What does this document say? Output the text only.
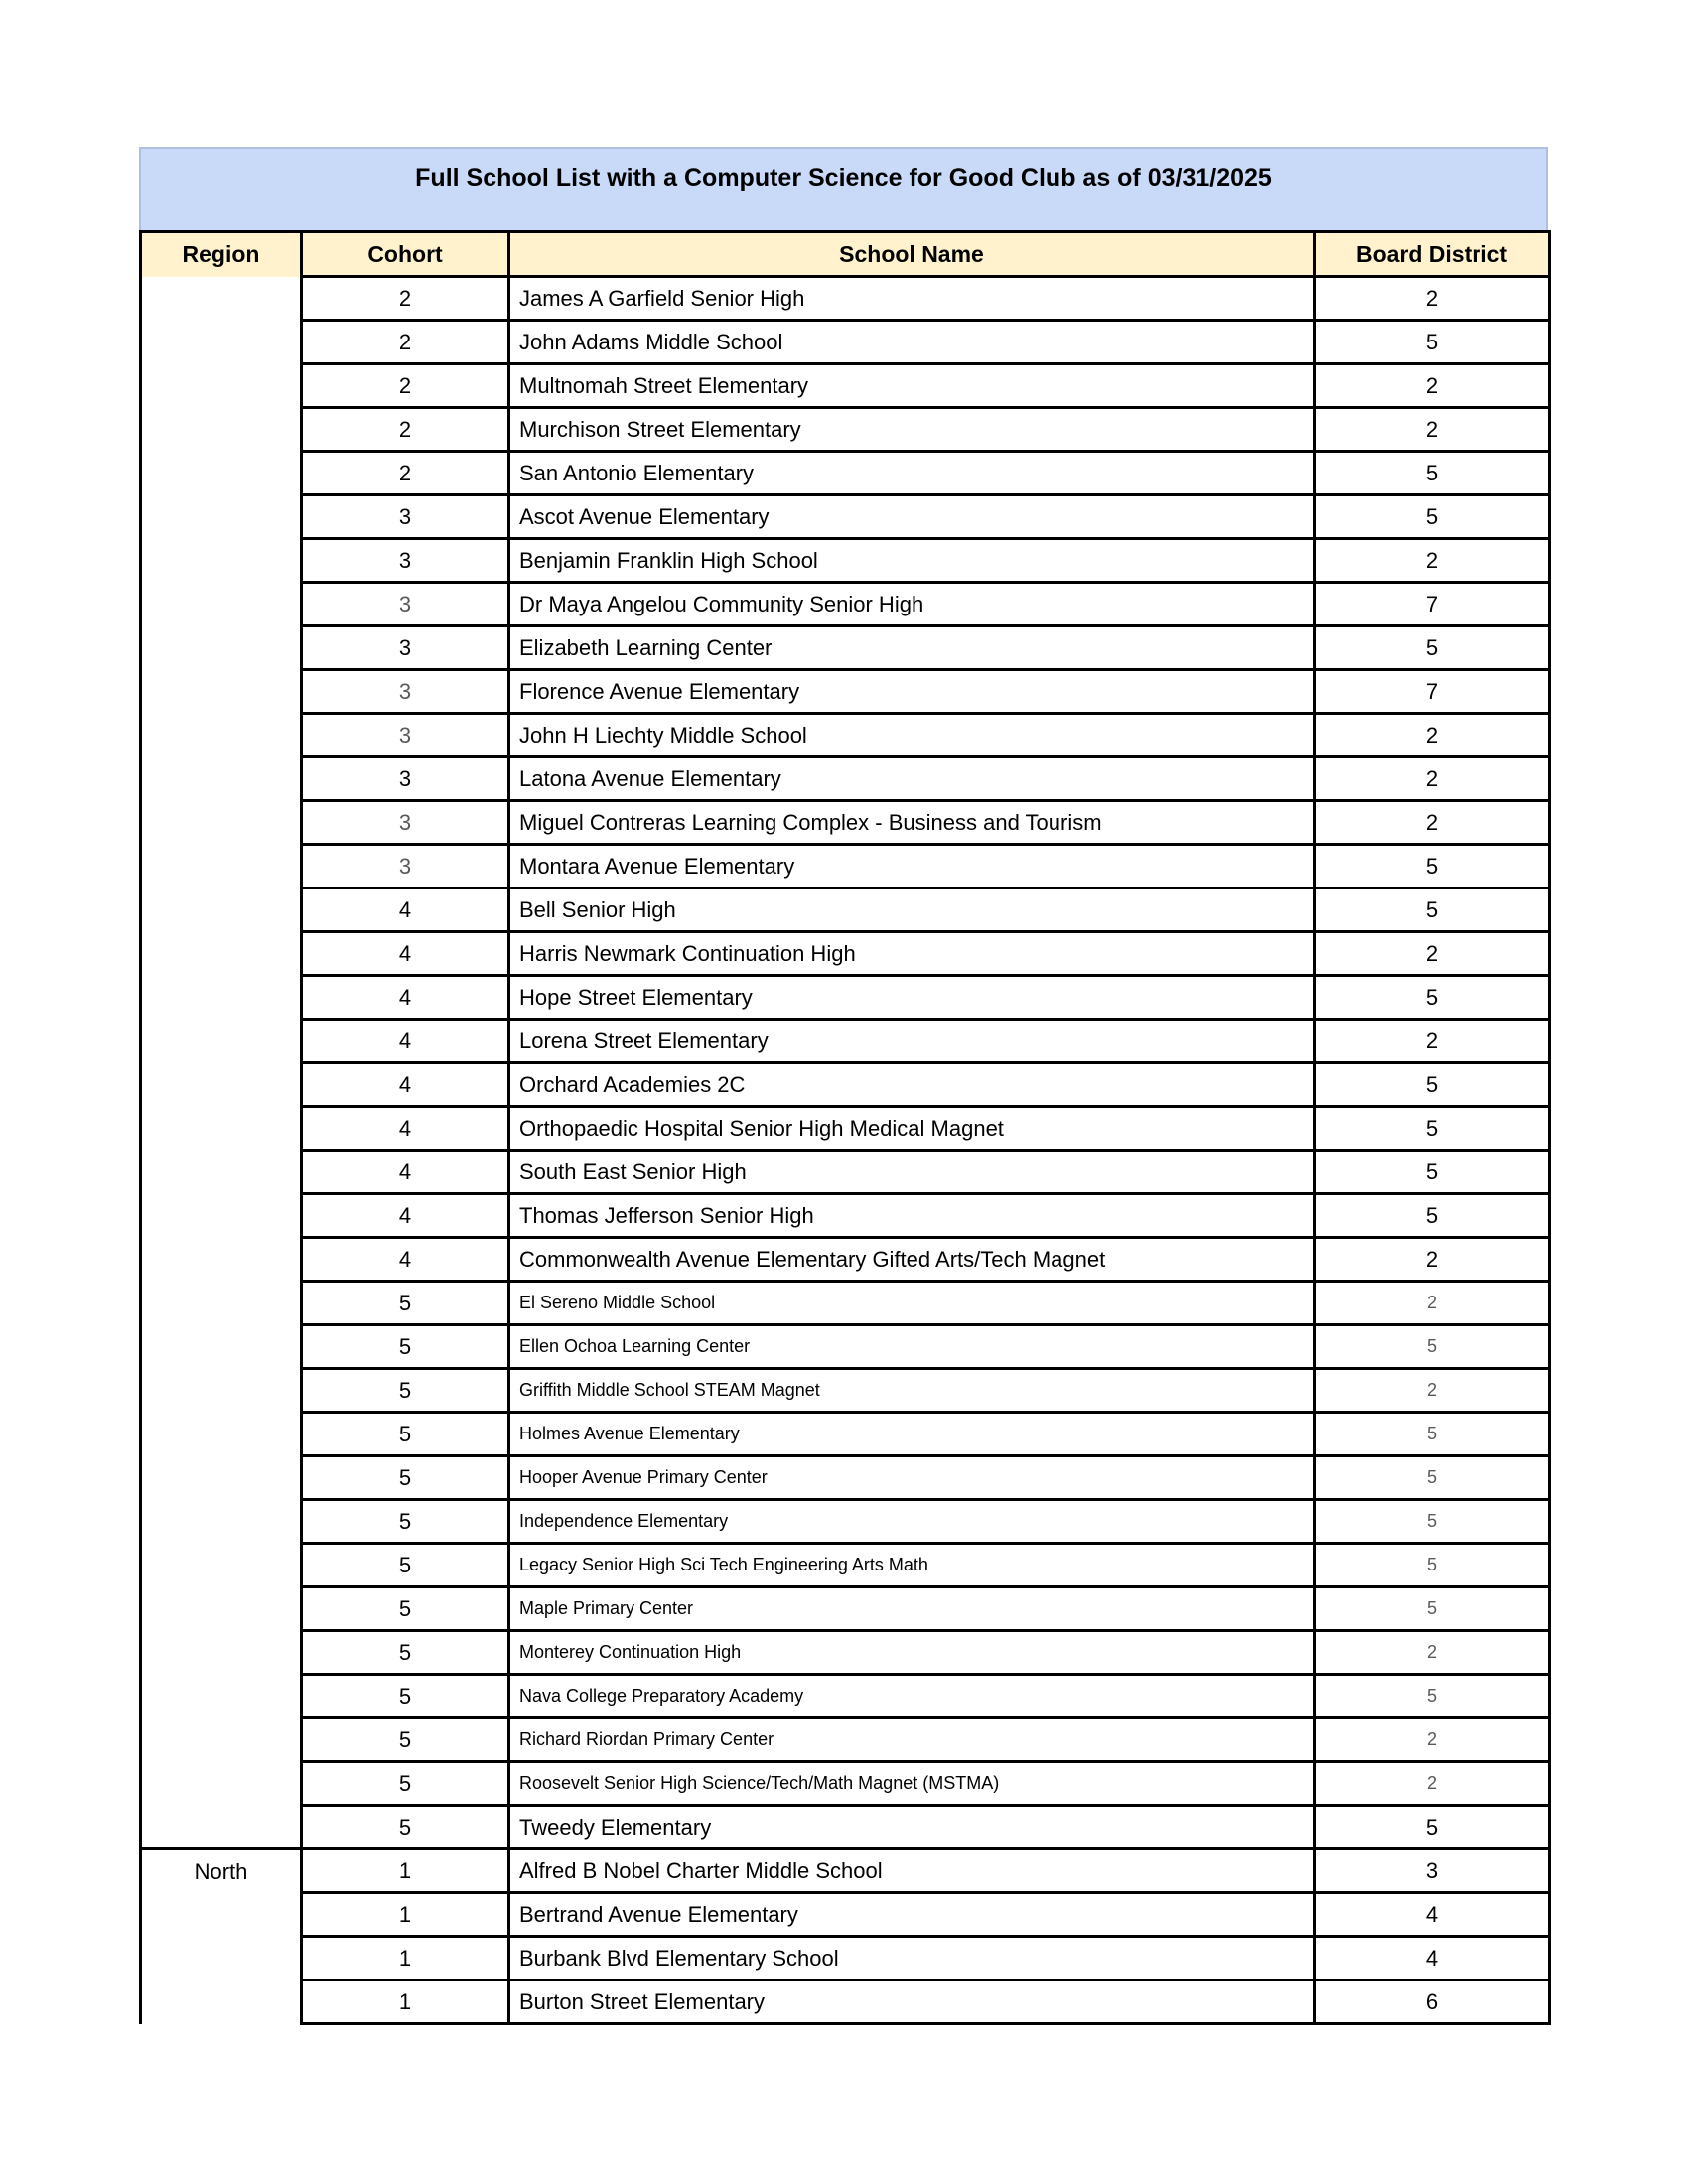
Full School List with a Computer Science for Good Club as of 03/31/2025
Region	Cohort	School Name	Board District
	2	James A Garfield Senior High	2
	2	John Adams Middle School	5
	2	Multnomah Street Elementary	2
	2	Murchison Street Elementary	2
	2	San Antonio Elementary	5
	3	Ascot Avenue Elementary	5
	3	Benjamin Franklin High School	2
	3	Dr Maya Angelou Community Senior High	7
	3	Elizabeth Learning Center	5
	3	Florence Avenue Elementary	7
	3	John H Liechty Middle School	2
	3	Latona Avenue Elementary	2
	3	Miguel Contreras Learning Complex - Business and Tourism	2
	3	Montara Avenue Elementary	5
	4	Bell Senior High	5
	4	Harris Newmark Continuation High	2
	4	Hope Street Elementary	5
	4	Lorena Street Elementary	2
	4	Orchard Academies 2C	5
	4	Orthopaedic Hospital Senior High Medical Magnet	5
	4	South East Senior High	5
	4	Thomas Jefferson Senior High	5
	4	Commonwealth Avenue Elementary Gifted Arts/Tech Magnet	2
	5	El Sereno Middle School	2
	5	Ellen Ochoa Learning Center	5
	5	Griffith Middle School STEAM Magnet	2
	5	Holmes Avenue Elementary	5
	5	Hooper Avenue Primary Center	5
	5	Independence Elementary	5
	5	Legacy Senior High Sci Tech Engineering Arts Math	5
	5	Maple Primary Center	5
	5	Monterey Continuation High	2
	5	Nava College Preparatory Academy	5
	5	Richard Riordan Primary Center	2
	5	Roosevelt Senior High Science/Tech/Math Magnet (MSTMA)	2
	5	Tweedy Elementary	5
North	1	Alfred B Nobel Charter Middle School	3
	1	Bertrand Avenue Elementary	4
	1	Burbank Blvd Elementary School	4
	1	Burton Street Elementary	6
